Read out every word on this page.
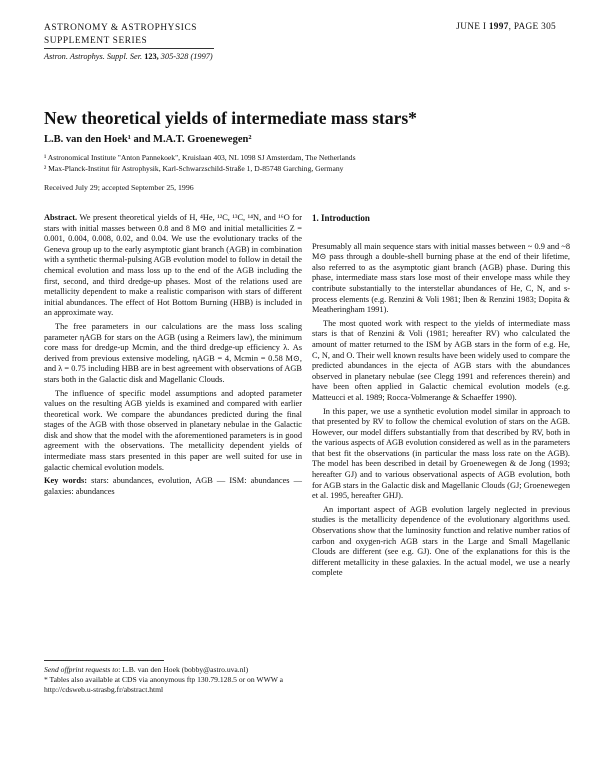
ASTRONOMY & ASTROPHYSICS
SUPPLEMENT SERIES
Astron. Astrophys. Suppl. Ser. 123, 305-328 (1997)
JUNE I 1997, PAGE 305
New theoretical yields of intermediate mass stars*
L.B. van den Hoek¹ and M.A.T. Groenewegen²
¹ Astronomical Institute "Anton Pannekoek", Kruislaan 403, NL 1098 SJ Amsterdam, The Netherlands
² Max-Planck-Institut für Astrophysik, Karl-Schwarzschild-Straße 1, D-85748 Garching, Germany
Received July 29; accepted September 25, 1996

Abstract. We present theoretical yields of H, ⁴He, ¹²C, ¹³C, ¹⁴N, and ¹⁶O for stars with initial masses between 0.8 and 8 M⊙ and initial metallicities Z = 0.001, 0.004, 0.008, 0.02, and 0.04. We use the evolutionary tracks of the Geneva group up to the early asymptotic giant branch (AGB) in combination with a synthetic thermal-pulsing AGB evolution model to follow in detail the chemical evolution and mass loss up to the end of the AGB including the first, second, and third dredge-up phases. Most of the relations used are metallicity dependent to make a realistic comparison with stars of different initial abundances. The effect of Hot Bottom Burning (HBB) is included in an approximate way.

The free parameters in our calculations are the mass loss scaling parameter ηAGB for stars on the AGB (using a Reimers law), the minimum core mass for dredge-up Mcmin, and the third dredge-up efficiency λ. As derived from previous extensive modeling, ηAGB = 4, Mcmin = 0.58 M⊙, and λ = 0.75 including HBB are in best agreement with observations of AGB stars both in the Galactic disk and Magellanic Clouds.

The influence of specific model assumptions and adopted parameter values on the resulting AGB yields is examined and compared with earlier theoretical work. We compare the abundances predicted during the final stages of the AGB with those observed in planetary nebulae in the Galactic disk and show that the model with the aforementioned parameters is in good agreement with the observations. The metallicity dependent yields of intermediate mass stars presented in this paper are well suited for use in galactic chemical evolution models.

Key words: stars: abundances, evolution, AGB — ISM: abundances — galaxies: abundances

Send offprint requests to: L.B. van den Hoek (bobby@astro.uva.nl)

* Tables also available at CDS via anonymous ftp 130.79.128.5 or on WWW a http://cdsweb.u-strasbg.fr/abstract.html

1. Introduction

Presumably all main sequence stars with initial masses between ~ 0.9 and ~8 M⊙ pass through a double-shell burning phase at the end of their lifetime, also referred to as the asymptotic giant branch (AGB) phase. During this phase, intermediate mass stars lose most of their envelope mass while they contribute substantially to the interstellar abundances of He, C, N, and s-process elements (e.g. Renzini & Voli 1981; Iben & Renzini 1983; Dopita & Meatheringham 1991).

The most quoted work with respect to the yields of intermediate mass stars is that of Renzini & Voli (1981; hereafter RV) who calculated the amount of matter returned to the ISM by AGB stars in the form of e.g. He, C, N, and O. Their well known results have been widely used to compare the predicted abundances in the ejecta of AGB stars with the abundances observed in planetary nebulae (see Clegg 1991 and references therein) and have been often applied in Galactic chemical evolution models (e.g. Matteucci et al. 1989; Rocca-Volmerange & Schaeffer 1990).

In this paper, we use a synthetic evolution model similar in approach to that presented by RV to follow the chemical evolution of stars on the AGB. However, our model differs substantially from that described by RV, both in the various aspects of AGB evolution considered as well as in the parameters that best fit the observations (in particular the mass loss rate on the AGB). The model has been described in detail by Groenewegen & de Jong (1993; hereafter GJ) and to various observational aspects of AGB evolution, both for AGB stars in the Galactic disk and Magellanic Clouds (GJ; Groenewegen et al. 1995, hereafter GHJ).

An important aspect of AGB evolution largely neglected in previous studies is the metallicity dependence of the evolutionary algorithms used. Observations show that the luminosity function and relative number ratios of carbon and oxygen-rich AGB stars in the Large and Small Magellanic Clouds are different (see e.g. GJ). One of the explanations for this is the different metallicity in these galaxies. In the actual model, we use a nearly complete
